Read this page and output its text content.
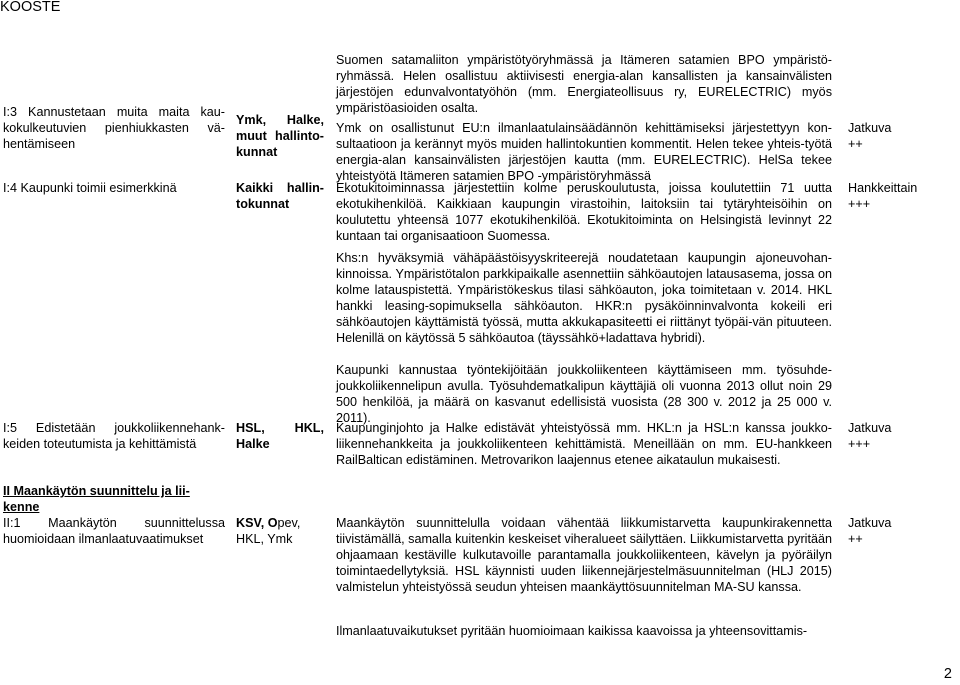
KOOSTE
Suomen satamaliiton ympäristötyöryhmässä ja Itämeren satamien BPO ympäristö-ryhmässä. Helen osallistuu aktiivisesti energia-alan kansallisten ja kansainvälisten järjestöjen edunvalvontatyöhön (mm. Energiateollisuus ry, EURELECTRIC) myös ympäristöasioiden osalta.
I:3 Kannustetaan muita maita kau-kokulkeutuvien pienhiukkasten vä-hentämiseen
Ymk, Halke, muut hallinto-kunnat
Ymk on osallistunut EU:n ilmanlaatulainsäädännön kehittämiseksi järjestettyyn kon-sultaatioon ja kerännyt myös muiden hallintokuntien kommentit. Helen tekee yhteis-työtä energia-alan kansainvälisten järjestöjen kautta (mm. EURELECTRIC). HelSa tekee yhteistyötä Itämeren satamien BPO -ympäristöryhmässä
Jatkuva
++
I:4 Kaupunki toimii esimerkkinä	Kaikki hallin-tokunnat
Ekotukitoiminnassa järjestettiin kolme peruskoulutusta, joissa koulutettiin 71 uutta ekotukihenkilöä. Kaikkiaan kaupungin virastoihin, laitoksiin tai tytäryhteisöihin on koulutettu yhteensä 1077 ekotukihenkilöä. Ekotukitoiminta on Helsingistä levinnyt 22 kuntaan tai organisaatioon Suomessa.
Khs:n hyväksymiä vähäpäästöisyyskriteerejä noudatetaan kaupungin ajoneuvohan-kinnoissa. Ympäristötalon parkkipaikalle asennettiin sähköautojen latausasema, jossa on kolme latauspistettä. Ympäristökeskus tilasi sähköauton, joka toimitetaan v. 2014. HKL hankki leasing-sopimuksella sähköauton. HKR:n pysäköinninvalvonta kokeili eri sähköautojen käyttämistä työssä, mutta akkukapasiteetti ei riittänyt työpäi-vän pituuteen. Helenillä on käytössä 5 sähköautoa (täyssähkö+ladattava hybridi).
Hankkeittain
+++
Kaupunki kannustaa työntekijöitään joukkoliikenteen käyttämiseen mm. työsuhde-joukkoliikennelipun avulla. Työsuhdematkalipun käyttäjiä oli vuonna 2013 ollut noin 29 500 henkilöä, ja määrä on kasvanut edellisistä vuosista (28 300 v. 2012 ja 25 000 v. 2011).
I:5 Edistetään joukkoliikennehank-keiden toteutumista ja kehittämistä
HSL, HKL, Halke
Kaupunginjohto ja Halke edistävät yhteistyössä mm. HKL:n ja HSL:n kanssa joukko-liikennehankkeita ja joukkoliikenteen kehittämistä. Meneillään on mm. EU-hankkeen RailBaltican edistäminen. Metrovarikon laajennus etenee aikataulun mukaisesti.
Jatkuva
+++
II Maankäytön suunnittelu ja lii-kenne
II:1 Maankäytön suunnittelussa huomioidaan ilmanlaatuvaatimukset
KSV, Opev, HKL, Ymk
Maankäytön suunnittelulla voidaan vähentää liikkumistarvetta kaupunkirakennetta tiivistämällä, samalla kuitenkin keskeiset viheralueet säilyttäen. Liikkumistarvetta pyritään ohjaamaan kestäville kulkutavoille parantamalla joukkoliikenteen, kävelyn ja pyöräilyn toimintaedellytyksiä. HSL käynnisti uuden liikennejärjestelmäsuunnitelman (HLJ 2015) valmistelun yhteistyössä seudun yhteisen maankäyttösuunnitelman MA-SU kanssa.
Ilmanlaatuvaikutukset pyritään huomioimaan kaikissa kaavoissa ja yhteensovittamis-
Jatkuva
++
2
